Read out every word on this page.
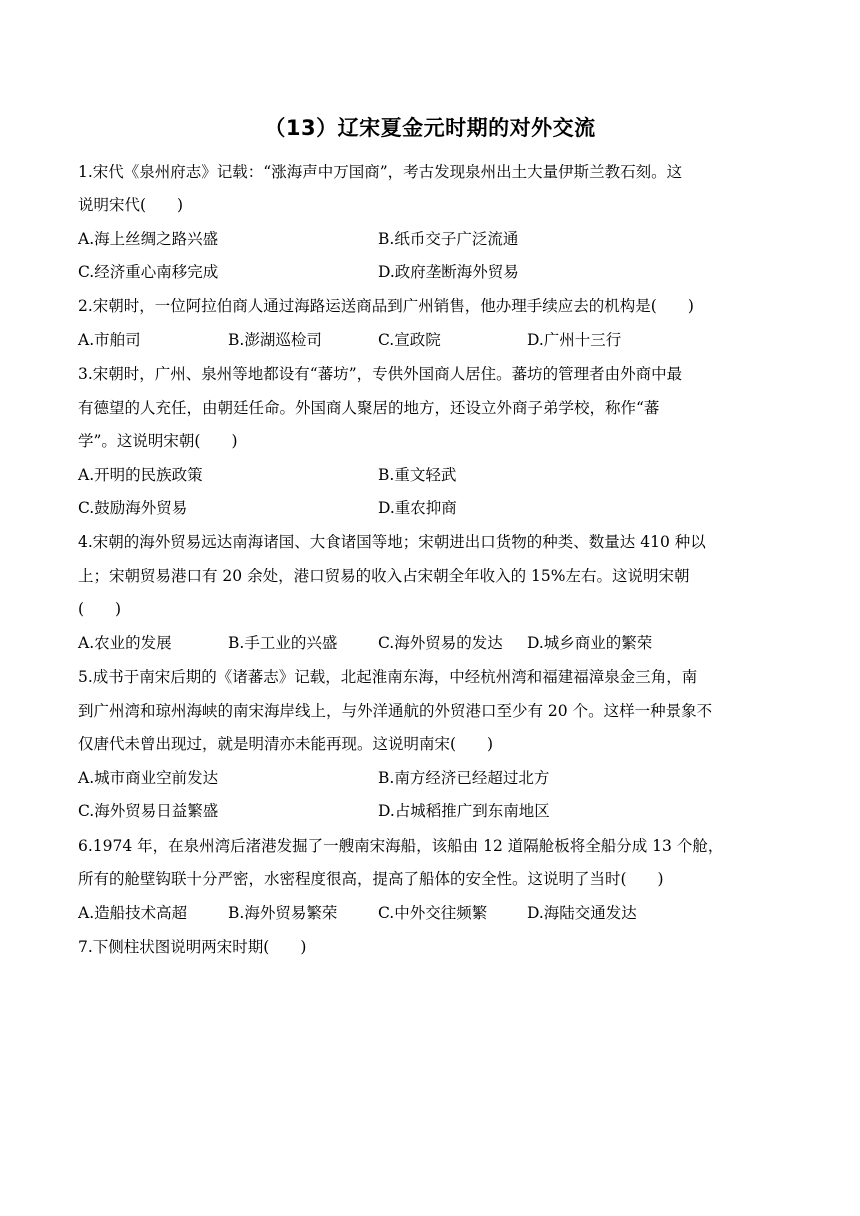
（13）辽宋夏金元时期的对外交流
1.宋代《泉州府志》记载：“涨海声中万国商”，考古发现泉州出土大量伊斯兰教石刻。这
说明宋代(　　)
A.海上丝绸之路兴盛	B.纸币交子广泛流通
C.经济重心南移完成	D.政府垄断海外贸易
2.宋朝时，一位阿拉伯商人通过海路运送商品到广州销售，他办理手续应去的机构是(　　)
A.市舶司	B.澎湖巡检司	C.宣政院	D.广州十三行
3.宋朝时，广州、泉州等地都设有“蕃坊”，专供外国商人居住。蕃坊的管理者由外商中最
有德望的人充任，由朝廷任命。外国商人聚居的地方，还设立外商子弟学校，称作“蕃
学”。这说明宋朝(　　)
A.开明的民族政策	B.重文轻武
C.鼓励海外贸易	D.重农抑商
4.宋朝的海外贸易远达南海诸国、大食诸国等地；宋朝进出口货物的种类、数量达 410 种以
上；宋朝贸易港口有 20 余处，港口贸易的收入占宋朝全年收入的 15%左右。这说明宋朝
(　　)
A.农业的发展	B.手工业的兴盛	C.海外贸易的发达 D.城乡商业的繁荣
5.成书于南宋后期的《诸蕃志》记载，北起淮南东海，中经杭州湾和福建福漳泉金三角，南
到广州湾和琼州海峡的南宋海岸线上，与外洋通航的外贸港口至少有 20 个。这样一种景象不
仅唐代未曾出现过，就是明清亦未能再现。这说明南宋(　　)
A.城市商业空前发达	B.南方经济已经超过北方
C.海外贸易日益繁盛	D.占城稻推广到东南地区
6.1974 年，在泉州湾后渚港发掘了一艘南宋海船，该船由 12 道隔舱板将全船分成 13 个舱，
所有的舱壁钩联十分严密，水密程度很高，提高了船体的安全性。这说明了当时(　　)
A.造船技术高超	B.海外贸易繁荣	C.中外交往频繁	D.海陆交通发达
7.下侧柱状图说明两宋时期(　　)
